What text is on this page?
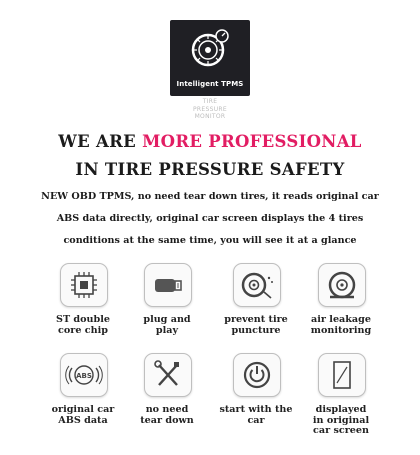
Intelligent TPMS
TIRE
PRESSURE
MONITOR
WE ARE MORE PROFESSIONAL
IN TIRE PRESSURE SAFETY
NEW OBD TPMS, no need tear down tires, it reads original car
ABS data directly, original car screen displays the 4 tires
conditions at the same time, you will see it at a glance
ST double
core chip
plug and
play
prevent tire
puncture
air leakage
monitoring
ABS
original car
ABS data
no need
tear down
start with the
car
displayed
in original
car screen
